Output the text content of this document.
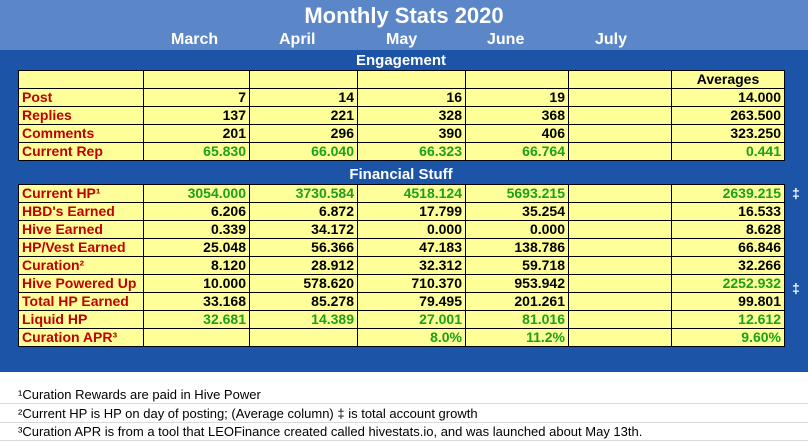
Monthly Stats 2020
March	April	May	June	July
Engagement
						Averages
Post	7	14	16	19		14.000
Replies	137	221	328	368		263.500
Comments	201	296	390	406		323.250
Current Rep	65.830	66.040	66.323	66.764		0.441
Financial Stuff
Current HP¹	3054.000	3730.584	4518.124	5693.215		2639.215
HBD's Earned	6.206	6.872	17.799	35.254		16.533
Hive Earned	0.339	34.172	0.000	0.000		8.628
HP/Vest Earned	25.048	56.366	47.183	138.786		66.846
Curation²	8.120	28.912	32.312	59.718		32.266
Hive Powered Up	10.000	578.620	710.370	953.942		2252.932
Total HP Earned	33.168	85.278	79.495	201.261		99.801
Liquid HP	32.681	14.389	27.001	81.016		12.612
Curation APR³			8.0%	11.2%		9.60%
‡
‡
¹Curation Rewards are paid in Hive Power
²Current HP is HP on day of posting; (Average column) ‡ is total account growth
³Curation APR is from a tool that LEOFinance created called hivestats.io, and was launched about May 13th.
